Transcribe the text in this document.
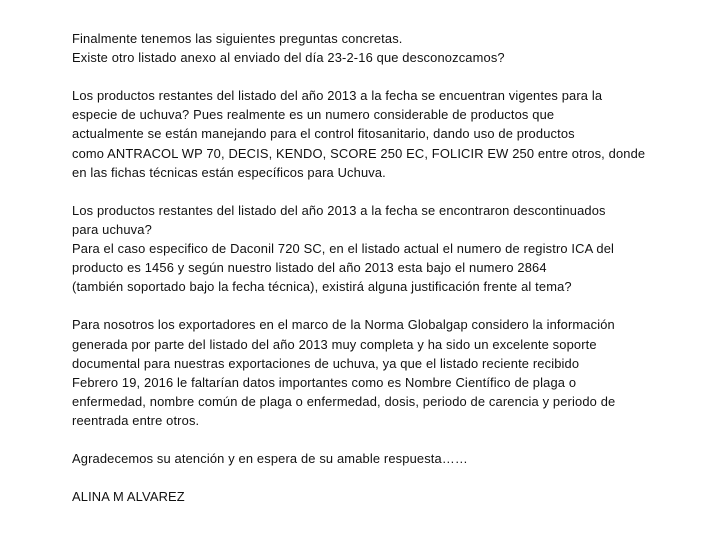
Finalmente tenemos las siguientes preguntas concretas.
Existe otro listado anexo al enviado del día 23-2-16 que desconozcamos?
Los productos restantes del listado del año 2013 a la fecha se encuentran vigentes para la
especie de uchuva? Pues realmente es un numero considerable de productos que
actualmente se están manejando para el control fitosanitario, dando uso de productos
como ANTRACOL WP 70, DECIS, KENDO, SCORE 250 EC, FOLICIR EW 250 entre otros, donde
en las fichas técnicas están específicos para Uchuva.
Los productos restantes del listado del año 2013 a la fecha se encontraron descontinuados
para uchuva?
Para el caso especifico de Daconil 720 SC, en el listado actual el numero de registro ICA del
producto es 1456 y según nuestro listado del año 2013 esta bajo el numero 2864
(también soportado bajo la fecha técnica), existirá alguna justificación frente al tema?
Para nosotros los exportadores en el marco de la Norma Globalgap considero la información
generada por parte del listado del año 2013 muy completa y ha sido un excelente soporte
documental para nuestras exportaciones de uchuva, ya que el listado reciente recibido
Febrero 19, 2016 le faltarían datos importantes como es Nombre Científico de plaga o
enfermedad, nombre común de plaga o enfermedad, dosis, periodo de carencia y periodo de
reentrada entre otros.
Agradecemos su atención y en espera de su amable respuesta……
ALINA M ALVAREZ
